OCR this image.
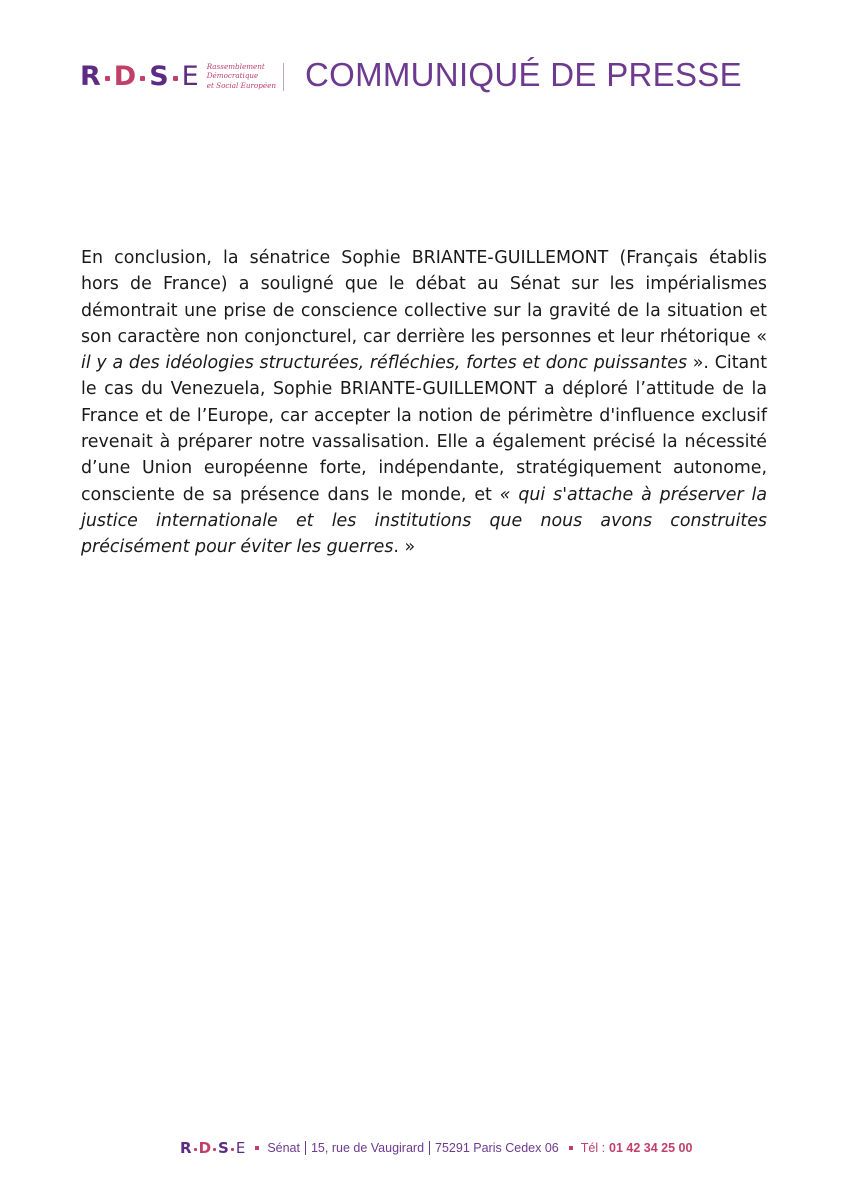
R D S E Rassemblement
Démocratique
et Social Européen COMMUNIQUÉ DE PRESSE
En conclusion, la sénatrice Sophie BRIANTE-GUILLEMONT (Français établis hors de France) a souligné que le débat au Sénat sur les impérialismes démontrait une prise de conscience collective sur la gravité de la situation et son caractère non conjoncturel, car derrière les personnes et leur rhétorique « il y a des idéologies structurées, réfléchies, fortes et donc puissantes ». Citant le cas du Venezuela, Sophie BRIANTE-GUILLEMONT a déploré l’attitude de la France et de l’Europe, car accepter la notion de périmètre d'influence exclusif revenait à préparer notre vassalisation. Elle a également précisé la nécessité d’une Union européenne forte, indépendante, stratégiquement autonome, consciente de sa présence dans le monde, et « qui s'attache à préserver la justice internationale et les institutions que nous avons construites précisément pour éviter les guerres. »
R D S E Sénat 15, rue de Vaugirard 75291 Paris Cedex 06 Tél : 01 42 34 25 00
